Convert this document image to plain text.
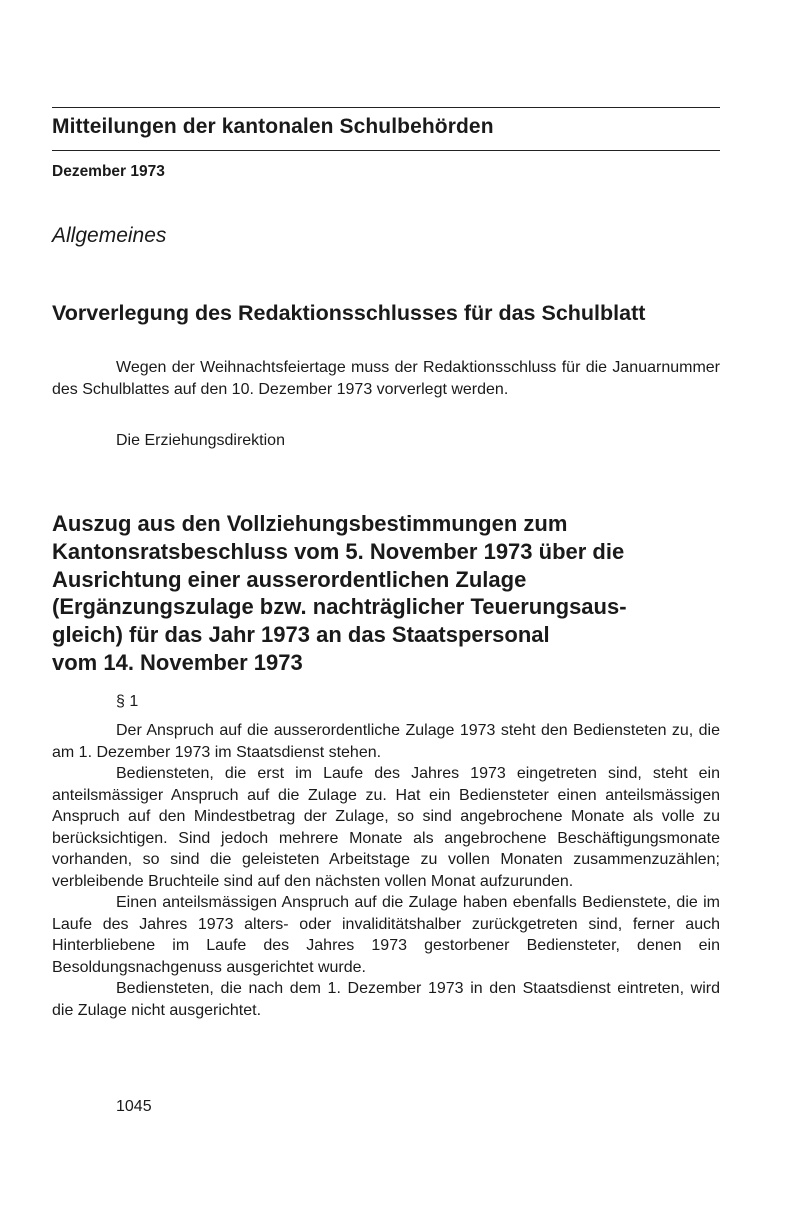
Mitteilungen der kantonalen Schulbehörden
Dezember 1973
Allgemeines
Vorverlegung des Redaktionsschlusses für das Schulblatt

Wegen der Weihnachtsfeiertage muss der Redaktionsschluss für die Januarnummer des Schulblattes auf den 10. Dezember 1973 vorverlegt werden.

Die Erziehungsdirektion
Auszug aus den Vollziehungsbestimmungen zum
Kantonsratsbeschluss vom 5. November 1973 über die
Ausrichtung einer ausserordentlichen Zulage
(Ergänzungszulage bzw. nachträglicher Teuerungsaus-
gleich) für das Jahr 1973 an das Staatspersonal
vom 14. November 1973
§ 1

Der Anspruch auf die ausserordentliche Zulage 1973 steht den Bediensteten zu, die am 1. Dezember 1973 im Staatsdienst stehen.

Bediensteten, die erst im Laufe des Jahres 1973 eingetreten sind, steht ein anteilsmässiger Anspruch auf die Zulage zu. Hat ein Bediensteter einen anteilsmässigen Anspruch auf den Mindestbetrag der Zulage, so sind angebrochene Monate als volle zu berücksichtigen. Sind jedoch mehrere Monate als angebrochene Beschäftigungsmonate vorhanden, so sind die geleisteten Arbeitstage zu vollen Monaten zusammenzuzählen; verbleibende Bruchteile sind auf den nächsten vollen Monat aufzurunden.

Einen anteilsmässigen Anspruch auf die Zulage haben ebenfalls Bedienstete, die im Laufe des Jahres 1973 alters- oder invaliditätshalber zurückgetreten sind, ferner auch Hinterbliebene im Laufe des Jahres 1973 gestorbener Bediensteter, denen ein Besoldungsnachgenuss ausgerichtet wurde.

Bediensteten, die nach dem 1. Dezember 1973 in den Staatsdienst eintreten, wird die Zulage nicht ausgerichtet.

1045
